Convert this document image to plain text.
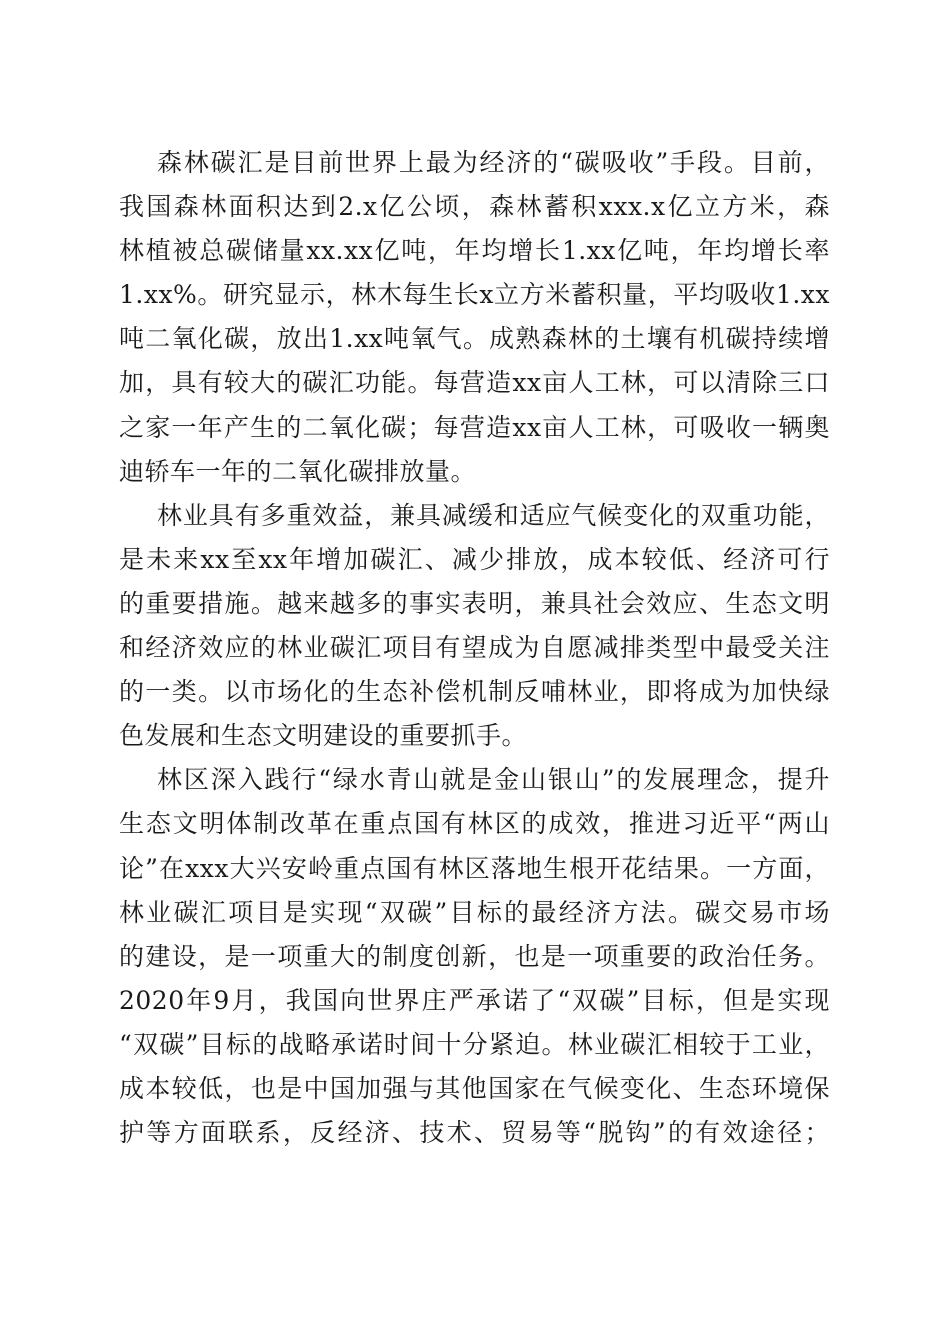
森林碳汇是目前世界上最为经济的“碳吸收”手段。目前，
我国森林面积达到2.x亿公顷，森林蓄积xxx.x亿立方米，森
林植被总碳储量xx.xx亿吨，年均增长1.xx亿吨，年均增长率
1.xx%。研究显示，林木每生长x立方米蓄积量，平均吸收1.xx
吨二氧化碳，放出1.xx吨氧气。成熟森林的土壤有机碳持续增
加，具有较大的碳汇功能。每营造xx亩人工林，可以清除三口
之家一年产生的二氧化碳；每营造xx亩人工林，可吸收一辆奥
迪轿车一年的二氧化碳排放量。
林业具有多重效益，兼具减缓和适应气候变化的双重功能，
是未来xx至xx年增加碳汇、减少排放，成本较低、经济可行
的重要措施。越来越多的事实表明，兼具社会效应、生态文明
和经济效应的林业碳汇项目有望成为自愿减排类型中最受关注
的一类。以市场化的生态补偿机制反哺林业，即将成为加快绿
色发展和生态文明建设的重要抓手。
林区深入践行“绿水青山就是金山银山”的发展理念，提升
生态文明体制改革在重点国有林区的成效，推进习近平“两山
论”在xxx大兴安岭重点国有林区落地生根开花结果。一方面，
林业碳汇项目是实现“双碳”目标的最经济方法。碳交易市场
的建设，是一项重大的制度创新，也是一项重要的政治任务。
2020年9月，我国向世界庄严承诺了“双碳”目标，但是实现
“双碳”目标的战略承诺时间十分紧迫。林业碳汇相较于工业，
成本较低，也是中国加强与其他国家在气候变化、生态环境保
护等方面联系，反经济、技术、贸易等“脱钩”的有效途径；
